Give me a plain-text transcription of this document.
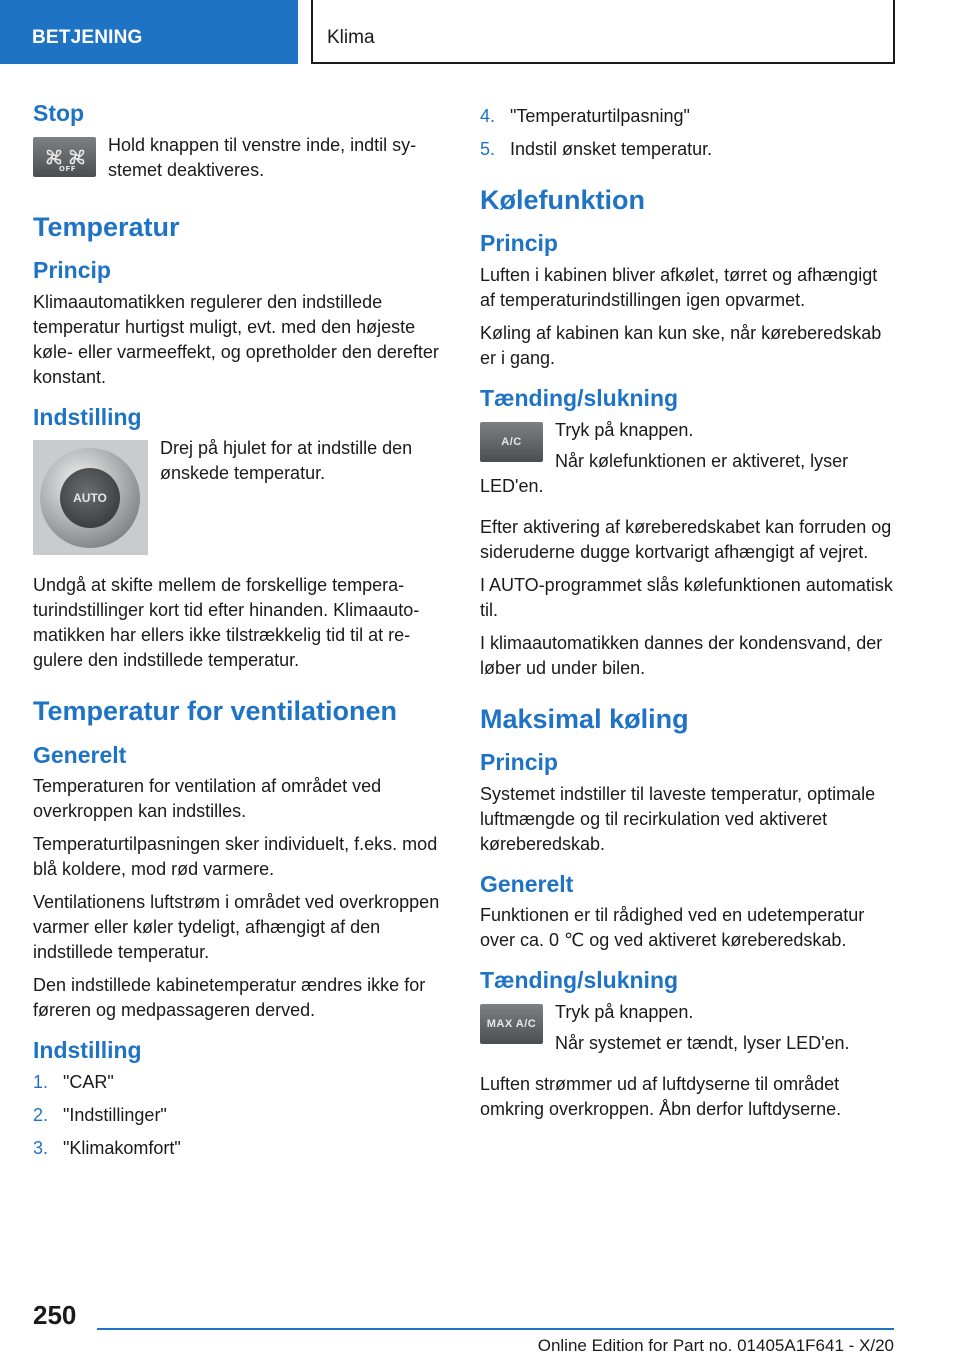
BETJENING	Klima
Stop
OFF

Hold knappen til venstre inde, indtil systemet deaktiveres.

Temperatur
Princip

Klimaautomatikken regulerer den indstillede temperatur hurtigst muligt, evt. med den højeste køle- eller varmeeffekt, og opretholder den derefter konstant.

Indstilling
AUTO

Drej på hjulet for at indstille den ønskede temperatur.

Undgå at skifte mellem de forskellige temperaturindstillinger kort tid efter hinanden. Klimaautomatikken har ellers ikke tilstrækkelig tid til at regulere den indstillede temperatur.

Temperatur for ventilationen
Generelt

Temperaturen for ventilation af området ved overkroppen kan indstilles.

Temperaturtilpasningen sker individuelt, f.eks. mod blå koldere, mod rød varmere.

Ventilationens luftstrøm i området ved overkroppen varmer eller køler tydeligt, afhængigt af den indstillede temperatur.

Den indstillede kabinetemperatur ændres ikke for føreren og medpassageren derved.

Indstilling
1. "CAR"
2. "Indstillinger"
3. "Klimakomfort"
4. "Temperaturtilpasning"
5. Indstil ønsket temperatur.
Kølefunktion
Princip

Luften i kabinen bliver afkølet, tørret og afhængigt af temperaturindstillingen igen opvarmet.

Køling af kabinen kan kun ske, når køreberedskab er i gang.

Tænding/slukning
A/C

Tryk på knappen.

Når kølefunktionen er aktiveret, lyser LED'en.

Efter aktivering af køreberedskabet kan forruden og sideruderne dugge kortvarigt afhængigt af vejret.

I AUTO-programmet slås kølefunktionen automatisk til.

I klimaautomatikken dannes der kondensvand, der løber ud under bilen.

Maksimal køling
Princip

Systemet indstiller til laveste temperatur, optimale luftmængde og til recirkulation ved aktiveret køreberedskab.

Generelt

Funktionen er til rådighed ved en udetemperatur over ca. 0 ℃ og ved aktiveret køreberedskab.

Tænding/slukning
MAX A/C

Tryk på knappen.

Når systemet er tændt, lyser LED'en.

Luften strømmer ud af luftdyserne til området omkring overkroppen. Åbn derfor luftdyserne.

250
Online Edition for Part no. 01405A1F641 - X/20
